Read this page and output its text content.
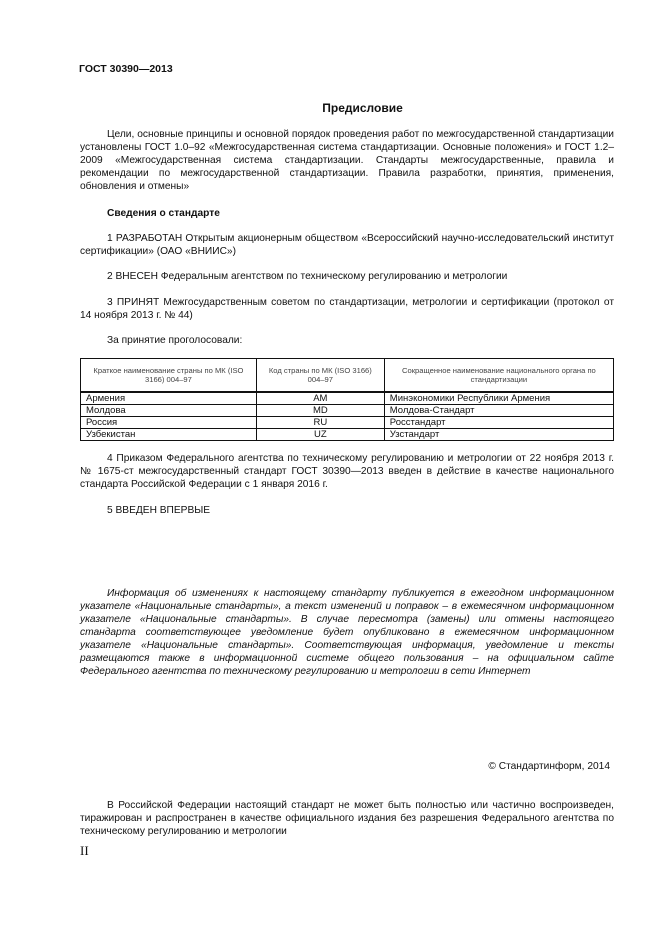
ГОСТ 30390—2013
Предисловие
Цели, основные принципы и основной порядок проведения работ по межгосударственной стандартизации установлены ГОСТ 1.0–92 «Межгосударственная система стандартизации. Основные положения» и ГОСТ 1.2–2009 «Межгосударственная система стандартизации. Стандарты межгосударственные, правила и рекомендации по межгосударственной стандартизации. Правила разработки, принятия, применения, обновления и отмены»
Сведения о стандарте
1 РАЗРАБОТАН Открытым акционерным обществом «Всероссийский научно-исследовательский институт сертификации» (ОАО «ВНИИС»)
2 ВНЕСЕН Федеральным агентством по техническому регулированию и метрологии
3 ПРИНЯТ Межгосударственным советом по стандартизации, метрологии и сертификации (протокол от 14 ноября 2013 г. № 44)
За принятие проголосовали:
Краткое наименование страны по МК (ISO 3166) 004–97	Код страны по МК (ISO 3166) 004–97	Сокращенное наименование национального органа по стандартизации
Армения	AM	Минэкономики Республики Армения
Молдова	MD	Молдова-Стандарт
Россия	RU	Росстандарт
Узбекистан	UZ	Узстандарт
4 Приказом Федерального агентства по техническому регулированию и метрологии от 22 ноября 2013 г. № 1675-ст межгосударственный стандарт ГОСТ 30390—2013 введен в действие в качестве национального стандарта Российской Федерации с 1 января 2016 г.
5 ВВЕДЕН ВПЕРВЫЕ
Информация об изменениях к настоящему стандарту публикуется в ежегодном информационном указателе «Национальные стандарты», а текст изменений и поправок – в ежемесячном информационном указателе «Национальные стандарты». В случае пересмотра (замены) или отмены настоящего стандарта соответствующее уведомление будет опубликовано в ежемесячном информационном указателе «Национальные стандарты». Соответствующая информация, уведомление и тексты размещаются также в информационной системе общего пользования – на официальном сайте Федерального агентства по техническому регулированию и метрологии в сети Интернет
© Стандартинформ, 2014
В Российской Федерации настоящий стандарт не может быть полностью или частично воспроизведен, тиражирован и распространен в качестве официального издания без разрешения Федерального агентства по техническому регулированию и метрологии
II
